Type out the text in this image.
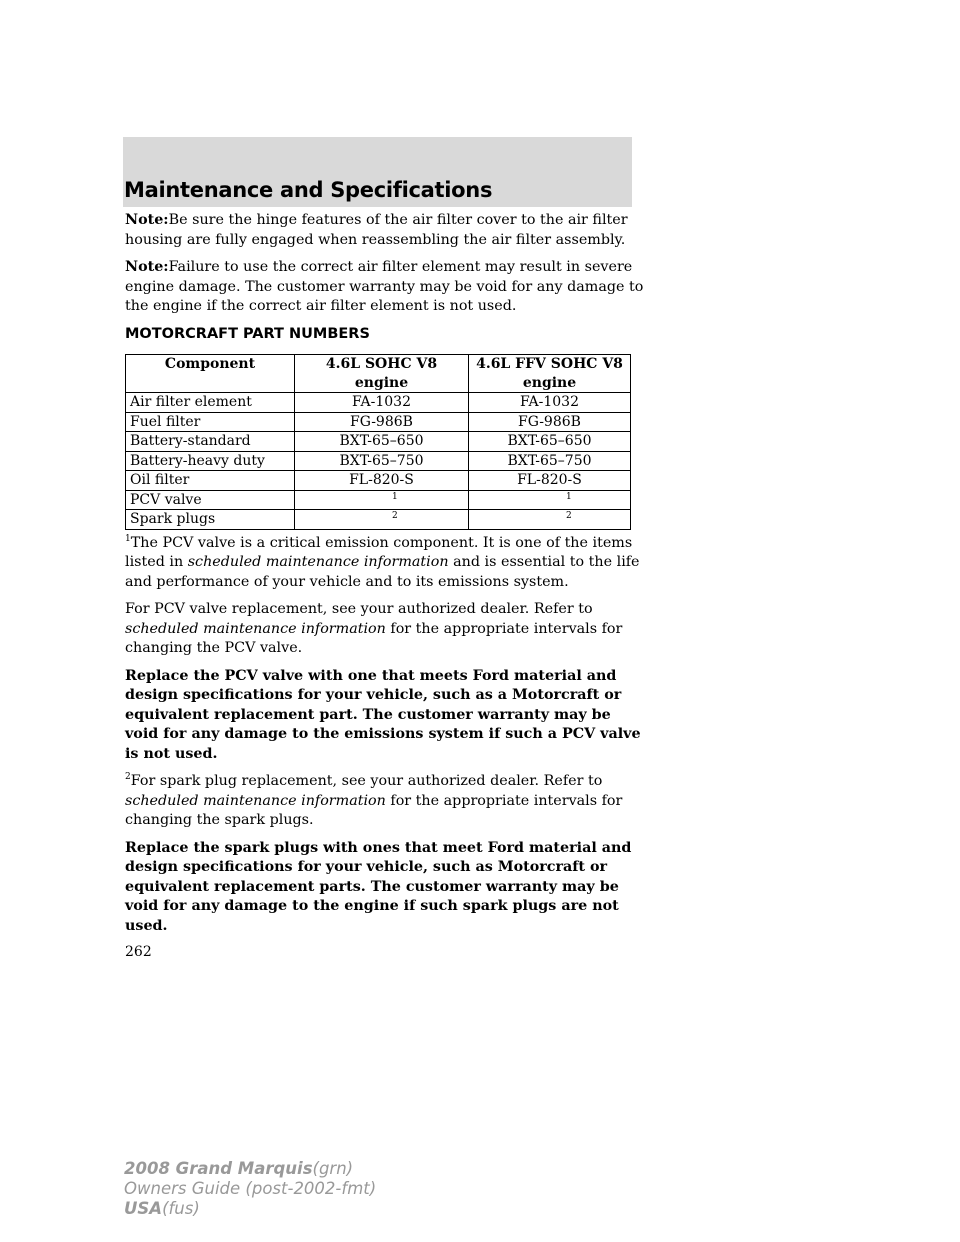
Maintenance and Specifications

Note:Be sure the hinge features of the air filter cover to the air filter housing are fully engaged when reassembling the air filter assembly.

Note:Failure to use the correct air filter element may result in severe engine damage. The customer warranty may be void for any damage to the engine if the correct air filter element is not used.

MOTORCRAFT PART NUMBERS
Component	4.6L SOHC V8 engine	4.6L FFV SOHC V8 engine
Air filter element	FA-1032	FA-1032
Fuel filter	FG-986B	FG-986B
Battery-standard	BXT-65–650	BXT-65–650
Battery-heavy duty	BXT-65–750	BXT-65–750
Oil filter	FL-820-S	FL-820-S
PCV valve	1	1
Spark plugs	2	2

$^1$The PCV valve is a critical emission component. It is one of the items listed in scheduled maintenance information and is essential to the life and performance of your vehicle and to its emissions system.

For PCV valve replacement, see your authorized dealer. Refer to scheduled maintenance information for the appropriate intervals for changing the PCV valve.

Replace the PCV valve with one that meets Ford material and design specifications for your vehicle, such as a Motorcraft or equivalent replacement part. The customer warranty may be void for any damage to the emissions system if such a PCV valve is not used.

$^2$For spark plug replacement, see your authorized dealer. Refer to scheduled maintenance information for the appropriate intervals for changing the spark plugs.

Replace the spark plugs with ones that meet Ford material and design specifications for your vehicle, such as Motorcraft or equivalent replacement parts. The customer warranty may be void for any damage to the engine if such spark plugs are not used.

262
2008 Grand Marquis(grn)
Owners Guide (post-2002-fmt)
USA(fus)
